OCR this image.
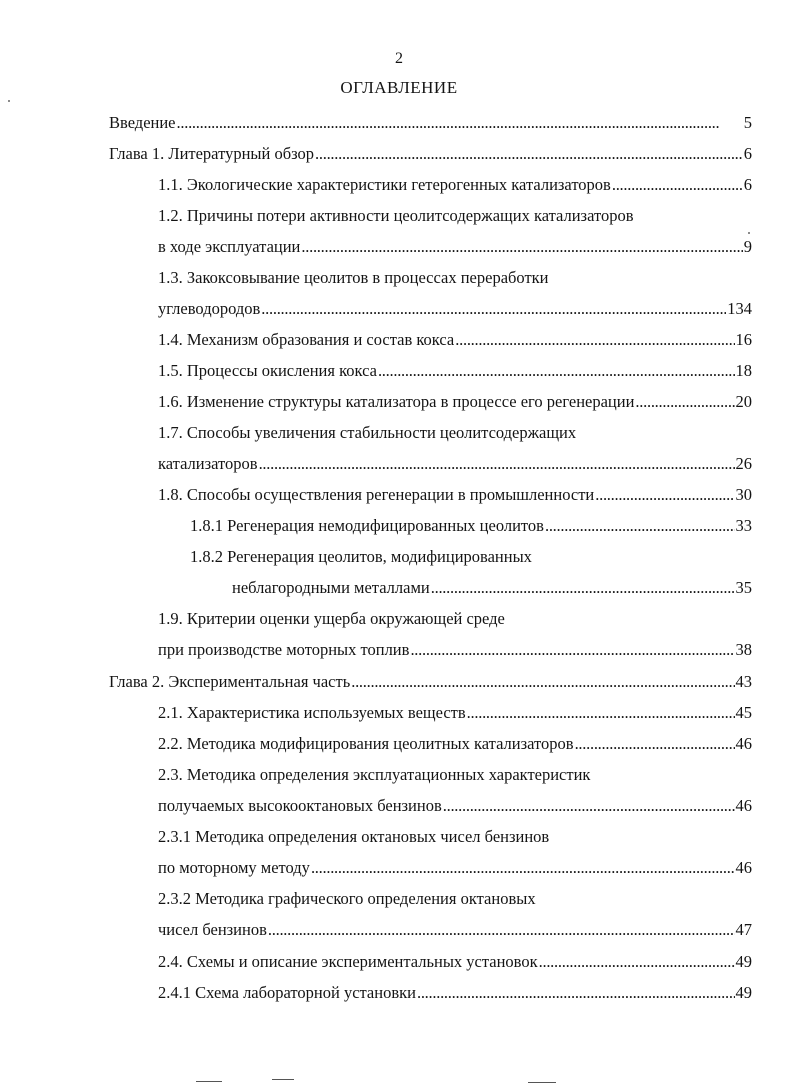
2
ОГЛАВЛЕНИЕ
Введение . . .	5
Глава 1. Литературный обзор . . .	6
1.1. Экологические характеристики гетерогенных катализаторов . . .	6
1.2. Причины потери активности цеолитсодержащих катализаторов
в ходе эксплуатации . . .	9
1.3. Закоксовывание цеолитов в процессах переработки
углеводородов . . .	134
1.4. Механизм образования и состав кокса . . .	16
1.5. Процессы окисления кокса . . .	18
1.6. Изменение структуры катализатора в процессе его регенерации . . .	20
1.7. Способы увеличения стабильности цеолитсодержащих
катализаторов . . .	26
1.8. Способы осуществления регенерации в промышленности . . .	30
1.8.1 Регенерация немодифицированных цеолитов . . .	33
1.8.2 Регенерация цеолитов, модифицированных
неблагородными металлами . . .	35
1.9. Критерии оценки ущерба окружающей среде
при производстве моторных топлив . . .	38
Глава 2. Экспериментальная часть . . .	43
2.1. Характеристика используемых веществ . . .	45
2.2. Методика модифицирования цеолитных катализаторов . . .	46
2.3. Методика определения эксплуатационных характеристик
получаемых высокооктановых бензинов . . .	46
2.3.1 Методика определения октановых чисел бензинов
по моторному методу . . .	46
2.3.2 Методика графического определения октановых
чисел бензинов . . .	47
2.4. Схемы и описание экспериментальных установок . . .	49
2.4.1 Схема лабораторной установки . . .	49
